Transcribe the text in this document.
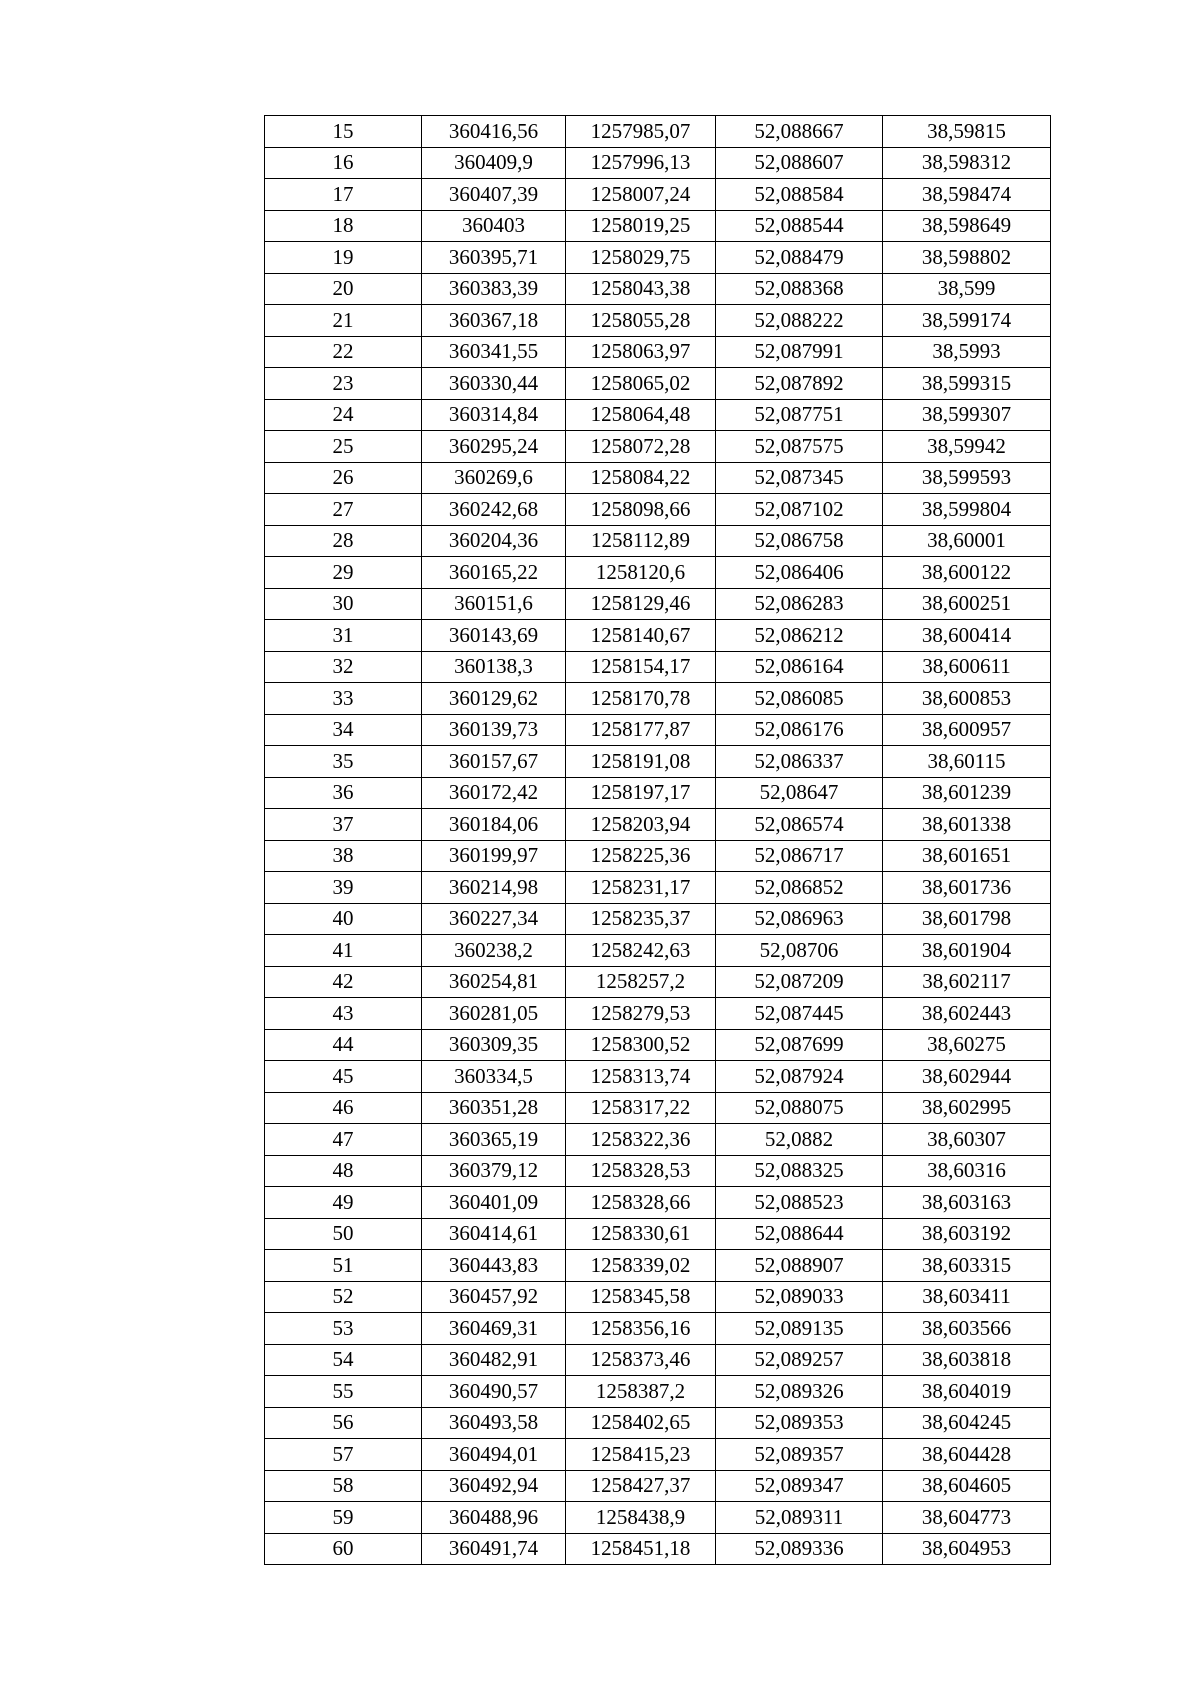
15	360416,56	1257985,07	52,088667	38,59815
16	360409,9	1257996,13	52,088607	38,598312
17	360407,39	1258007,24	52,088584	38,598474
18	360403	1258019,25	52,088544	38,598649
19	360395,71	1258029,75	52,088479	38,598802
20	360383,39	1258043,38	52,088368	38,599
21	360367,18	1258055,28	52,088222	38,599174
22	360341,55	1258063,97	52,087991	38,5993
23	360330,44	1258065,02	52,087892	38,599315
24	360314,84	1258064,48	52,087751	38,599307
25	360295,24	1258072,28	52,087575	38,59942
26	360269,6	1258084,22	52,087345	38,599593
27	360242,68	1258098,66	52,087102	38,599804
28	360204,36	1258112,89	52,086758	38,60001
29	360165,22	1258120,6	52,086406	38,600122
30	360151,6	1258129,46	52,086283	38,600251
31	360143,69	1258140,67	52,086212	38,600414
32	360138,3	1258154,17	52,086164	38,600611
33	360129,62	1258170,78	52,086085	38,600853
34	360139,73	1258177,87	52,086176	38,600957
35	360157,67	1258191,08	52,086337	38,60115
36	360172,42	1258197,17	52,08647	38,601239
37	360184,06	1258203,94	52,086574	38,601338
38	360199,97	1258225,36	52,086717	38,601651
39	360214,98	1258231,17	52,086852	38,601736
40	360227,34	1258235,37	52,086963	38,601798
41	360238,2	1258242,63	52,08706	38,601904
42	360254,81	1258257,2	52,087209	38,602117
43	360281,05	1258279,53	52,087445	38,602443
44	360309,35	1258300,52	52,087699	38,60275
45	360334,5	1258313,74	52,087924	38,602944
46	360351,28	1258317,22	52,088075	38,602995
47	360365,19	1258322,36	52,0882	38,60307
48	360379,12	1258328,53	52,088325	38,60316
49	360401,09	1258328,66	52,088523	38,603163
50	360414,61	1258330,61	52,088644	38,603192
51	360443,83	1258339,02	52,088907	38,603315
52	360457,92	1258345,58	52,089033	38,603411
53	360469,31	1258356,16	52,089135	38,603566
54	360482,91	1258373,46	52,089257	38,603818
55	360490,57	1258387,2	52,089326	38,604019
56	360493,58	1258402,65	52,089353	38,604245
57	360494,01	1258415,23	52,089357	38,604428
58	360492,94	1258427,37	52,089347	38,604605
59	360488,96	1258438,9	52,089311	38,604773
60	360491,74	1258451,18	52,089336	38,604953
